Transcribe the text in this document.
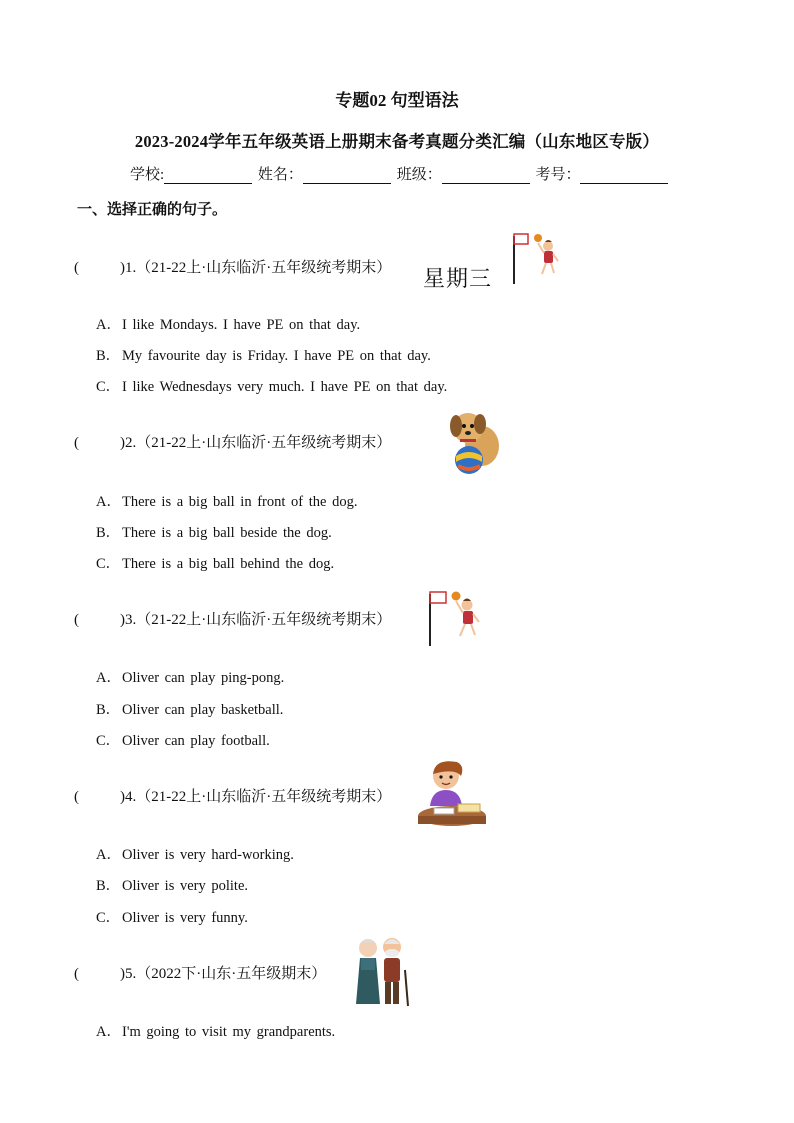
专题02 句型语法
2023-2024学年五年级英语上册期末备考真题分类汇编（山东地区专版）
学校:	姓名：	班级：	考号：
一、选择正确的句子。
(	)1.（21-22上·山东临沂·五年级统考期末） 星期三
A．I like Mondays. I have PE on that day.
B． My favourite day is Friday. I have PE on that day.
C． I like Wednesdays very much. I have PE on that day.
(	)2.（21-22上·山东临沂·五年级统考期末）
A．There is a big ball in front of the dog.
B． There is a big ball beside the dog.
C． There is a big ball behind the dog.
(	)3.（21-22上·山东临沂·五年级统考期末）
A．Oliver can play ping-pong.
B． Oliver can play basketball.
C． Oliver can play football.
(	)4.（21-22上·山东临沂·五年级统考期末）
A．Oliver is very hard-working.
B． Oliver is very polite.
C． Oliver is very funny.
(	)5.（2022下·山东·五年级期末）
A．I'm going to visit my grandparents.
